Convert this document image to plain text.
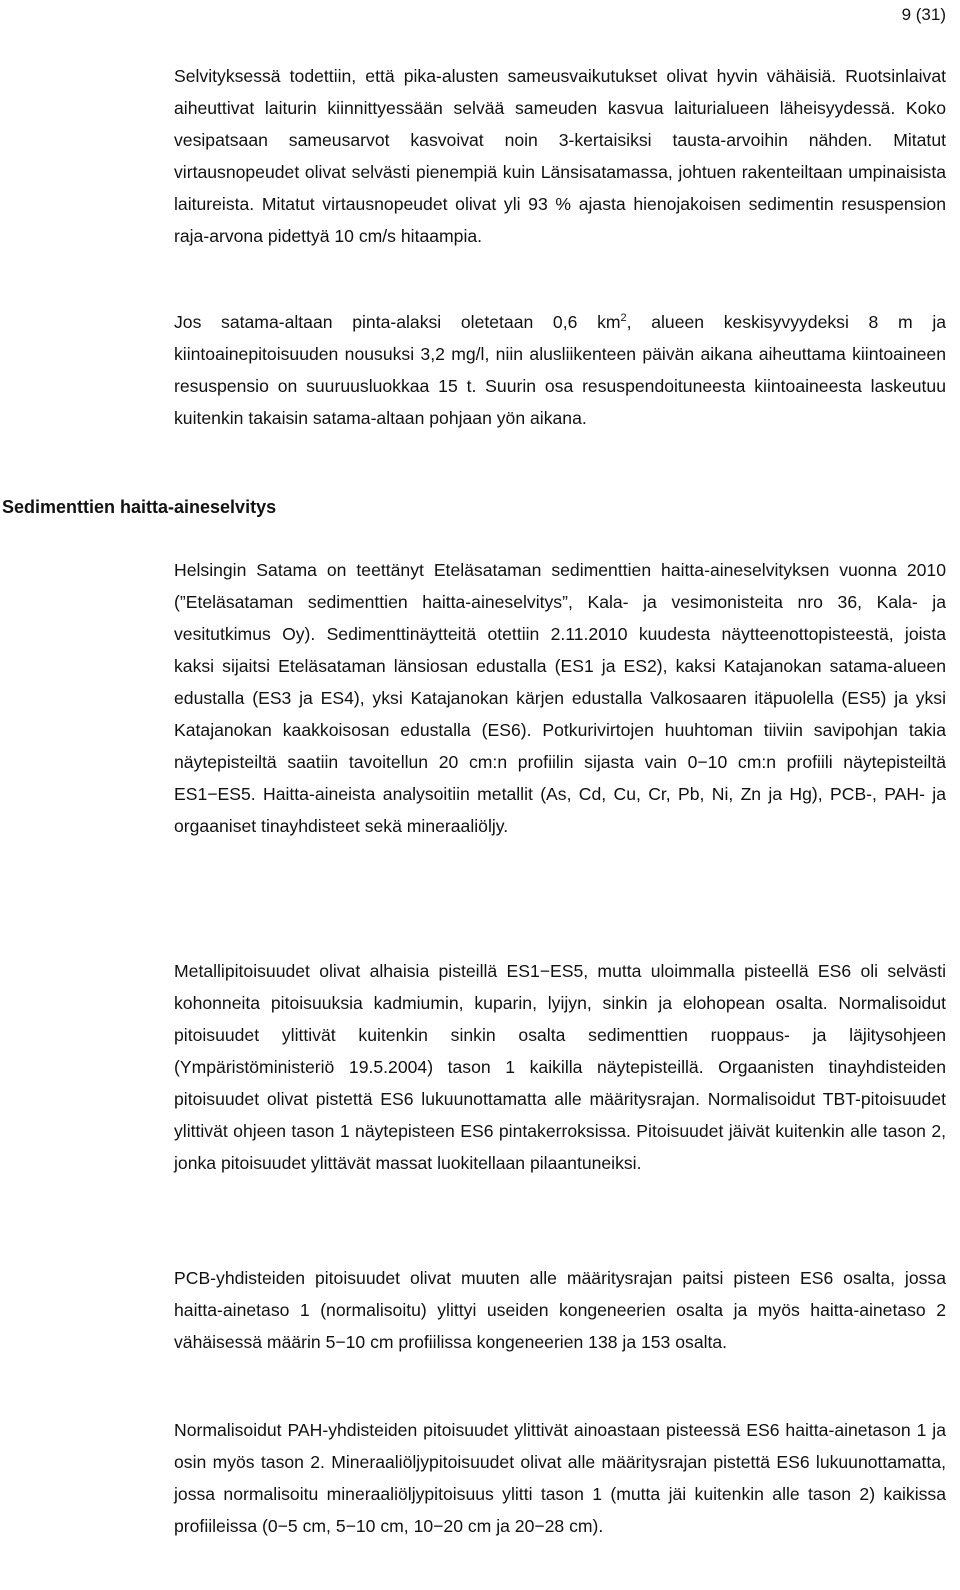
9 (31)

Selvityksessä todettiin, että pika-alusten sameusvaikutukset olivat hyvin vähäisiä. Ruotsinlaivat aiheuttivat laiturin kiinnittyessään selvää sameuden kasvua laiturialueen läheisyydessä. Koko vesipatsaan sameusarvot kasvoivat noin 3-kertaisiksi tausta-arvoihin nähden. Mitatut virtausnopeudet olivat selvästi pienempiä kuin Länsisatamassa, johtuen rakenteiltaan umpinaisista laitureista. Mitatut virtausnopeudet olivat yli 93 % ajasta hienojakoisen sedimentin resuspension raja-arvona pidettyä 10 cm/s hitaampia.

Jos satama-altaan pinta-alaksi oletetaan 0,6 $km^2$, alueen keskisyvyydeksi 8 m ja kiintoainepitoisuuden nousuksi 3,2 mg/l, niin alusliikenteen päivän aikana aiheuttama kiintoaineen resuspensio on suuruusluokkaa 15 t. Suurin osa resuspendoituneesta kiintoaineesta laskeutuu kuitenkin takaisin satama-altaan pohjaan yön aikana.

Sedimenttien haitta-aineselvitys

Helsingin Satama on teettänyt Eteläsataman sedimenttien haitta-aineselvityksen vuonna 2010 (”Eteläsataman sedimenttien haitta-aineselvitys”, Kala- ja vesimonisteita nro 36, Kala- ja vesitutkimus Oy). Sedimenttinäytteitä otettiin 2.11.2010 kuudesta näytteenottopisteestä, joista kaksi sijaitsi Eteläsataman länsiosan edustalla (ES1 ja ES2), kaksi Katajanokan satama-alueen edustalla (ES3 ja ES4), yksi Katajanokan kärjen edustalla Valkosaaren itäpuolella (ES5) ja yksi Katajanokan kaakkoisosan edustalla (ES6). Potkurivirtojen huuhtoman tiiviin savipohjan takia näytepisteiltä saatiin tavoitellun 20 cm:n profiilin sijasta vain 0−10 cm:n profiili näytepisteiltä ES1−ES5. Haitta-aineista analysoitiin metallit (As, Cd, Cu, Cr, Pb, Ni, Zn ja Hg), PCB-, PAH- ja orgaaniset tinayhdisteet sekä mineraaliöljy.

Metallipitoisuudet olivat alhaisia pisteillä ES1−ES5, mutta uloimmalla pisteellä ES6 oli selvästi kohonneita pitoisuuksia kadmiumin, kuparin, lyijyn, sinkin ja elohopean osalta. Normalisoidut pitoisuudet ylittivät kuitenkin sinkin osalta sedimenttien ruoppaus- ja läjitysohjeen (Ympäristöministeriö 19.5.2004) tason 1 kaikilla näytepisteillä. Orgaanisten tinayhdisteiden pitoisuudet olivat pistettä ES6 lukuunottamatta alle määritysrajan. Normalisoidut TBT-pitoisuudet ylittivät ohjeen tason 1 näytepisteen ES6 pintakerroksissa. Pitoisuudet jäivät kuitenkin alle tason 2, jonka pitoisuudet ylittävät massat luokitellaan pilaantuneiksi.

PCB-yhdisteiden pitoisuudet olivat muuten alle määritysrajan paitsi pisteen ES6 osalta, jossa haitta-ainetaso 1 (normalisoitu) ylittyi useiden kongeneerien osalta ja myös haitta-ainetaso 2 vähäisessä määrin 5−10 cm profiilissa kongeneerien 138 ja 153 osalta.

Normalisoidut PAH-yhdisteiden pitoisuudet ylittivät ainoastaan pisteessä ES6 haitta-ainetason 1 ja osin myös tason 2. Mineraaliöljypitoisuudet olivat alle määritysrajan pistettä ES6 lukuunottamatta, jossa normalisoitu mineraaliöljypitoisuus ylitti tason 1 (mutta jäi kuitenkin alle tason 2) kaikissa profiileissa (0−5 cm, 5−10 cm, 10−20 cm ja 20−28 cm).
